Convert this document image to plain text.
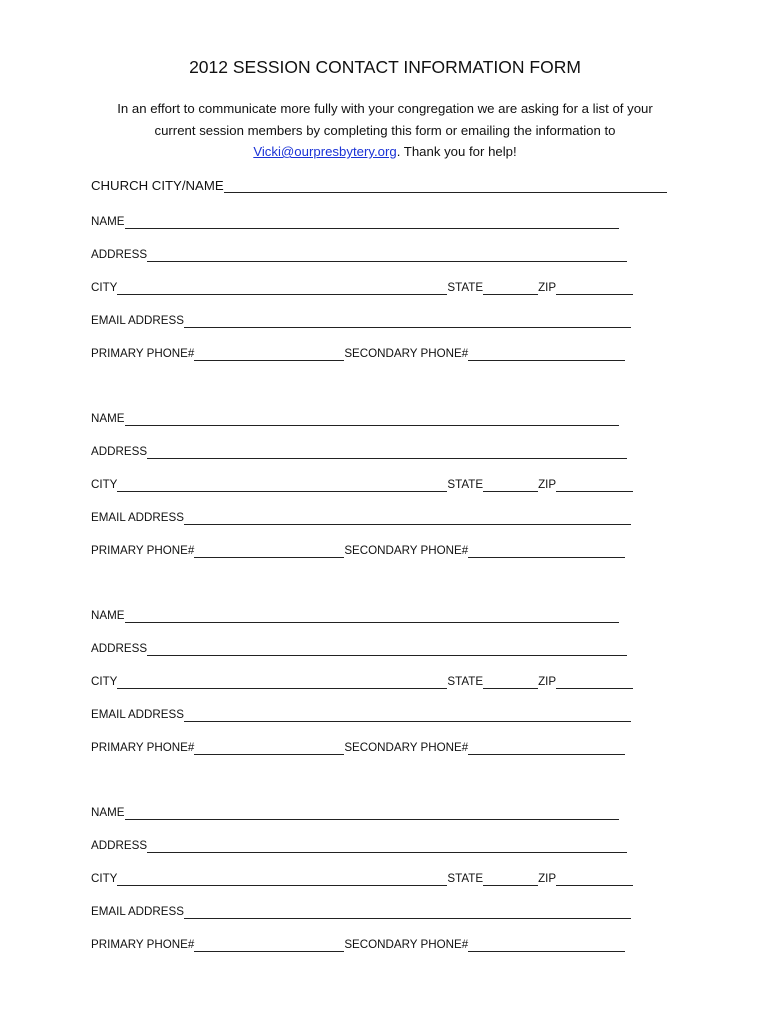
2012 SESSION CONTACT INFORMATION FORM
In an effort to communicate more fully with your congregation we are asking for a list of your
current session members by completing this form or emailing the information to
Vicki@ourpresbytery.org. Thank you for help!
CHURCH CITY/NAME
NAME
ADDRESS
CITY	STATE	ZIP
EMAIL ADDRESS
PRIMARY PHONE#	SECONDARY PHONE#
NAME
ADDRESS
CITY	STATE	ZIP
EMAIL ADDRESS
PRIMARY PHONE#	SECONDARY PHONE#
NAME
ADDRESS
CITY	STATE	ZIP
EMAIL ADDRESS
PRIMARY PHONE#	SECONDARY PHONE#
NAME
ADDRESS
CITY	STATE	ZIP
EMAIL ADDRESS
PRIMARY PHONE#	SECONDARY PHONE#
